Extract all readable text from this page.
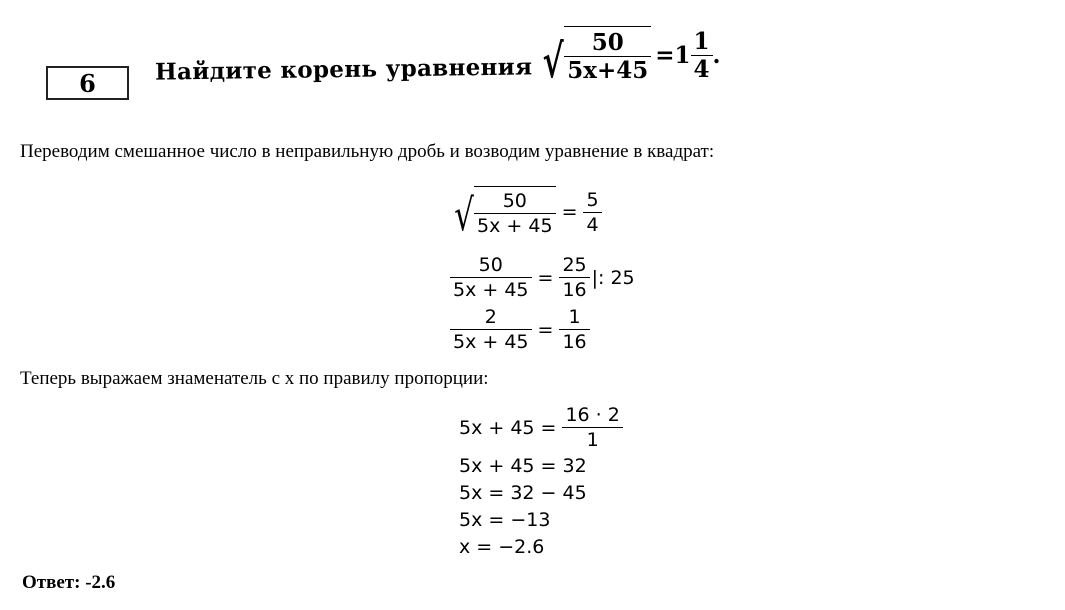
6	Найдите корень уравнения √ $\frac{50}{5x+45} =1 \frac{1}{4}$ .
Переводим смешанное число в неправильную дробь и возводим уравнение в квадрат:
√ $\frac{50}{5x + 45} = \frac{5}{4}$
$\frac{50}{5x + 45} = \frac{25}{16}$ |: 25
$\frac{2}{5x + 45} = \frac{1}{16}$
Теперь выражаем знаменатель с x по правилу пропорции:
$5x + 45 = \frac{16 \cdot 2}{1}$
5x + 45 = 32
5x = 32 − 45
5x = −13
x = −2.6
Ответ: -2.6
